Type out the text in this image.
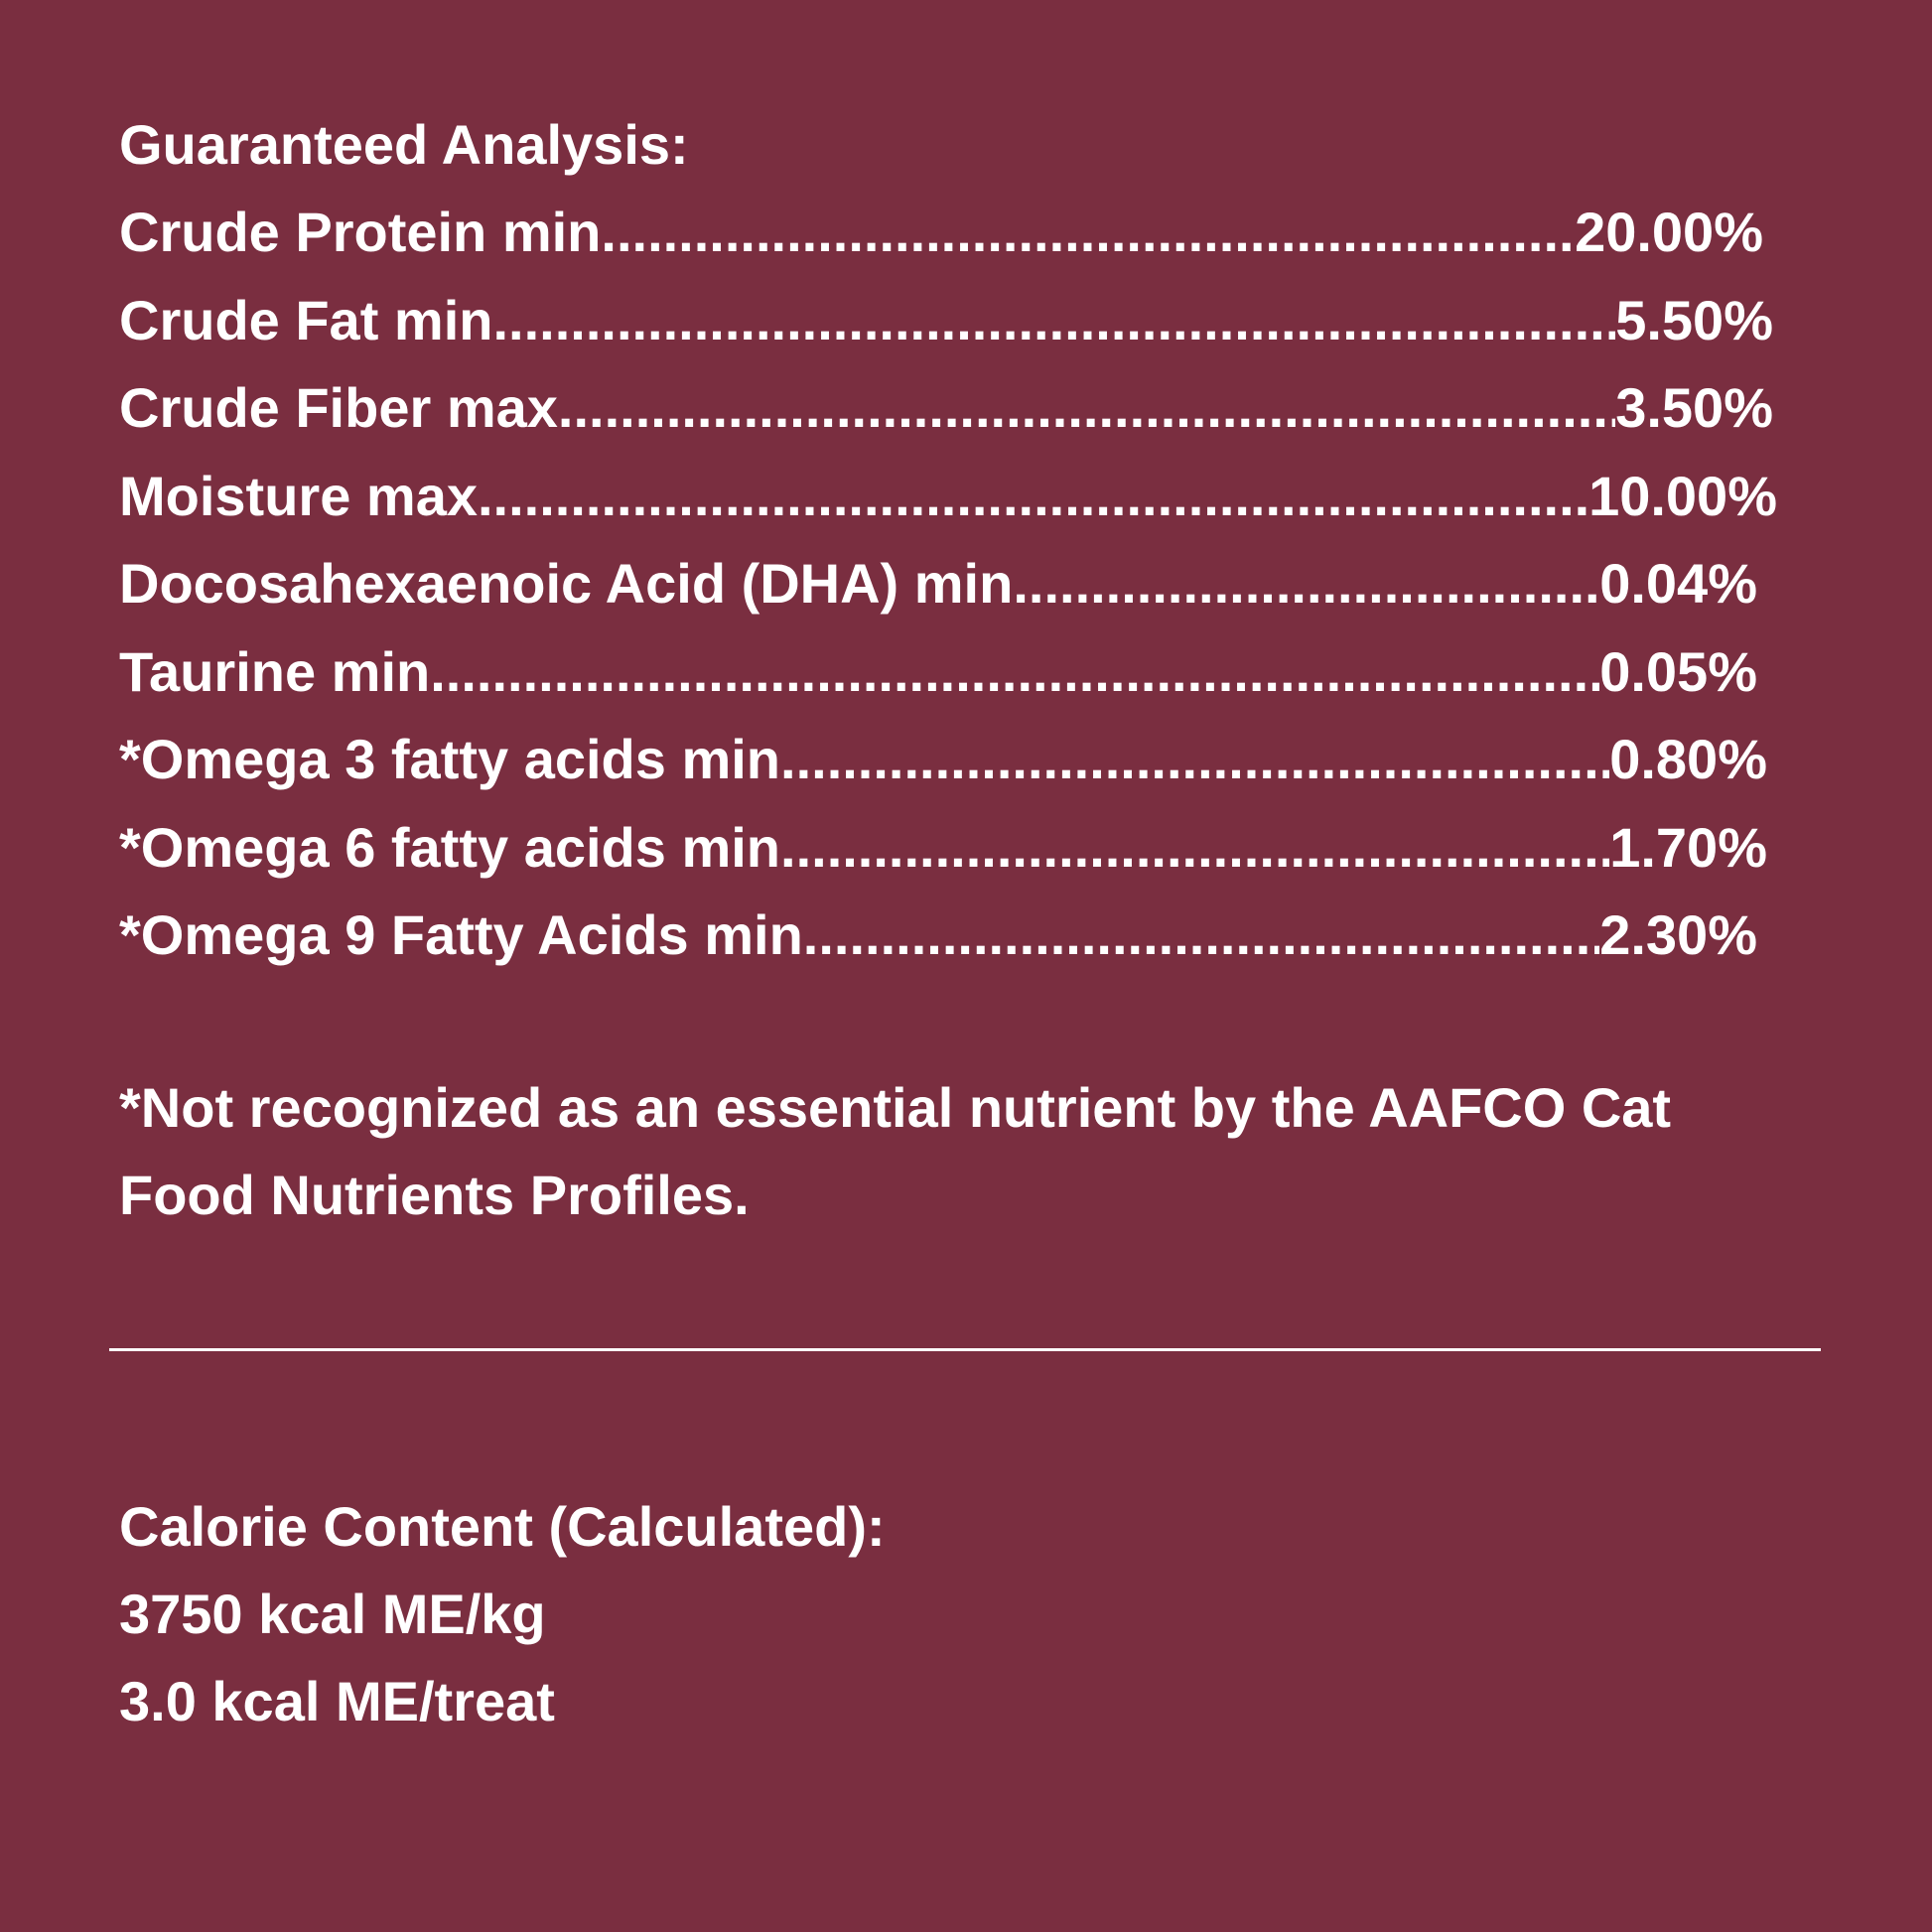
Guaranteed Analysis:
Crude Protein min .....	20.00%
Crude Fat min .....	5.50%
Crude Fiber max .....	3.50%
Moisture max .....	10.00%
Docosahexaenoic Acid (DHA) min .....	0.04%
Taurine min .....	0.05%
*Omega 3 fatty acids min .....	0.80%
*Omega 6 fatty acids min .....	1.70%
*Omega 9 Fatty Acids min .....	2.30%

*Not recognized as an essential nutrient by the AAFCO Cat Food Nutrients Profiles.

Calorie Content (Calculated):
3750 kcal ME/kg
3.0 kcal ME/treat
